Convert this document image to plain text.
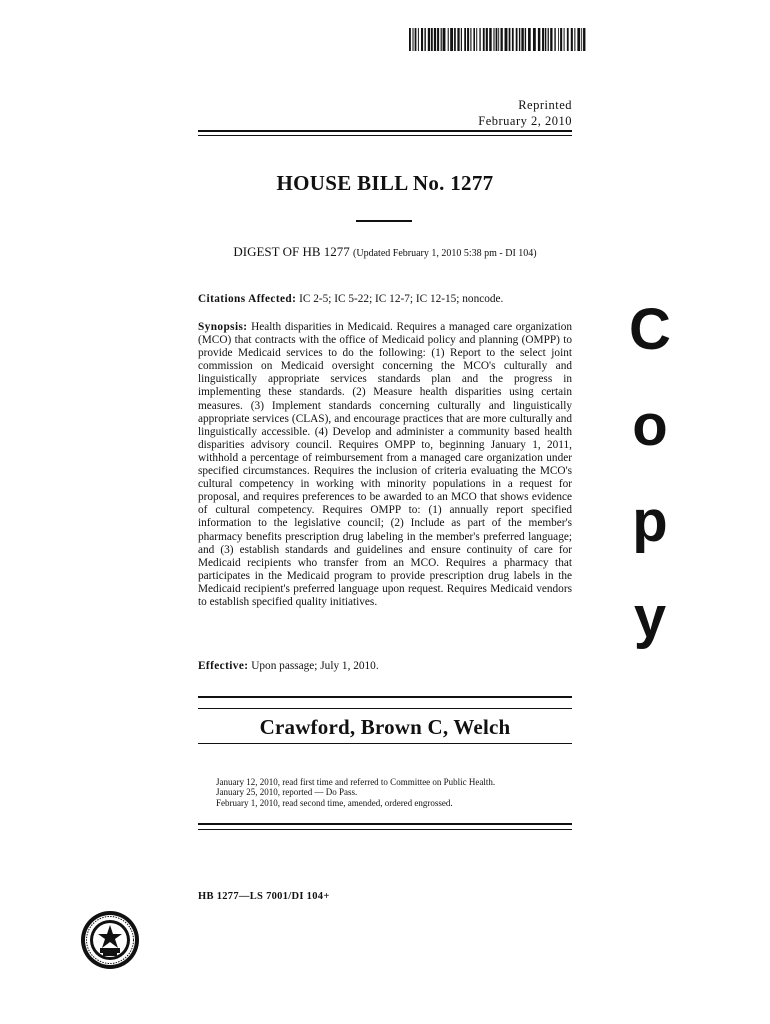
Reprinted
February 2, 2010
HOUSE BILL No. 1277
DIGEST OF HB 1277 (Updated February 1, 2010 5:38 pm - DI 104)
Citations Affected: IC 2-5; IC 5-22; IC 12-7; IC 12-15; noncode.
Synopsis: Health disparities in Medicaid. Requires a managed care organization (MCO) that contracts with the office of Medicaid policy and planning (OMPP) to provide Medicaid services to do the following: (1) Report to the select joint commission on Medicaid oversight concerning the MCO's culturally and linguistically appropriate services standards plan and the progress in implementing these standards. (2) Measure health disparities using certain measures. (3) Implement standards concerning culturally and linguistically appropriate services (CLAS), and encourage practices that are more culturally and linguistically accessible. (4) Develop and administer a community based health disparities advisory council. Requires OMPP to, beginning January 1, 2011, withhold a percentage of reimbursement from a managed care organization under specified circumstances. Requires the inclusion of criteria evaluating the MCO's cultural competency in working with minority populations in a request for proposal, and requires preferences to be awarded to an MCO that shows evidence of cultural competency. Requires OMPP to: (1) annually report specified information to the legislative council; (2) Include as part of the member's pharmacy benefits prescription drug labeling in the member's preferred language; and (3) establish standards and guidelines and ensure continuity of care for Medicaid recipients who transfer from an MCO. Requires a pharmacy that participates in the Medicaid program to provide prescription drug labels in the Medicaid recipient's preferred language upon request. Requires Medicaid vendors to establish specified quality initiatives.
Effective: Upon passage; July 1, 2010.
C
o
p
y
Crawford, Brown C, Welch
January 12, 2010, read first time and referred to Committee on Public Health.
January 25, 2010, reported — Do Pass.
February 1, 2010, read second time, amended, ordered engrossed.
HB 1277—LS 7001/DI 104+
